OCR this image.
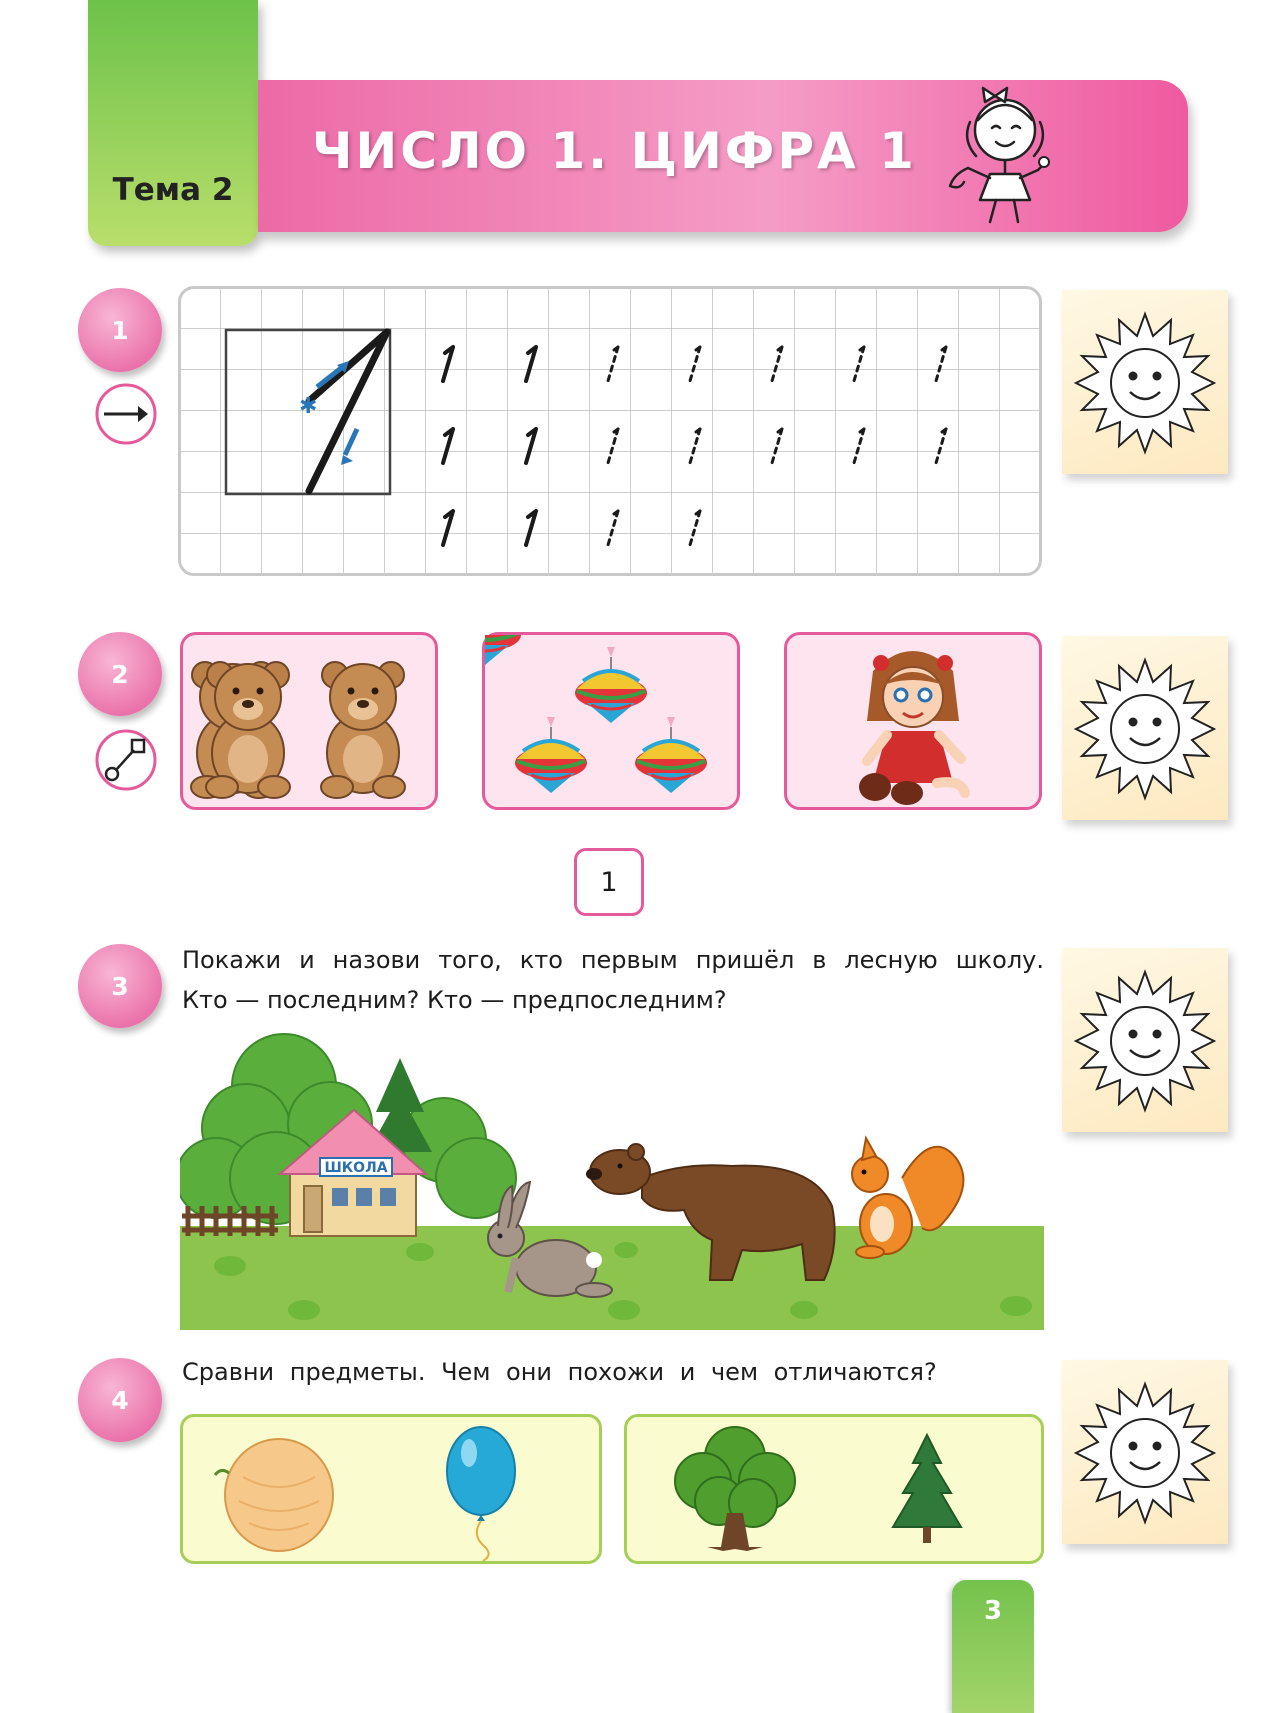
Тема 2
ЧИСЛО 1. ЦИФРА 1
1
✱
2
1
3
Покажи и назови того, кто первым пришёл в лесную школу.
Кто — последним? Кто — предпоследним?
ШКОЛА
4
Сравни предметы. Чем они похожи и чем отличаются?
3
